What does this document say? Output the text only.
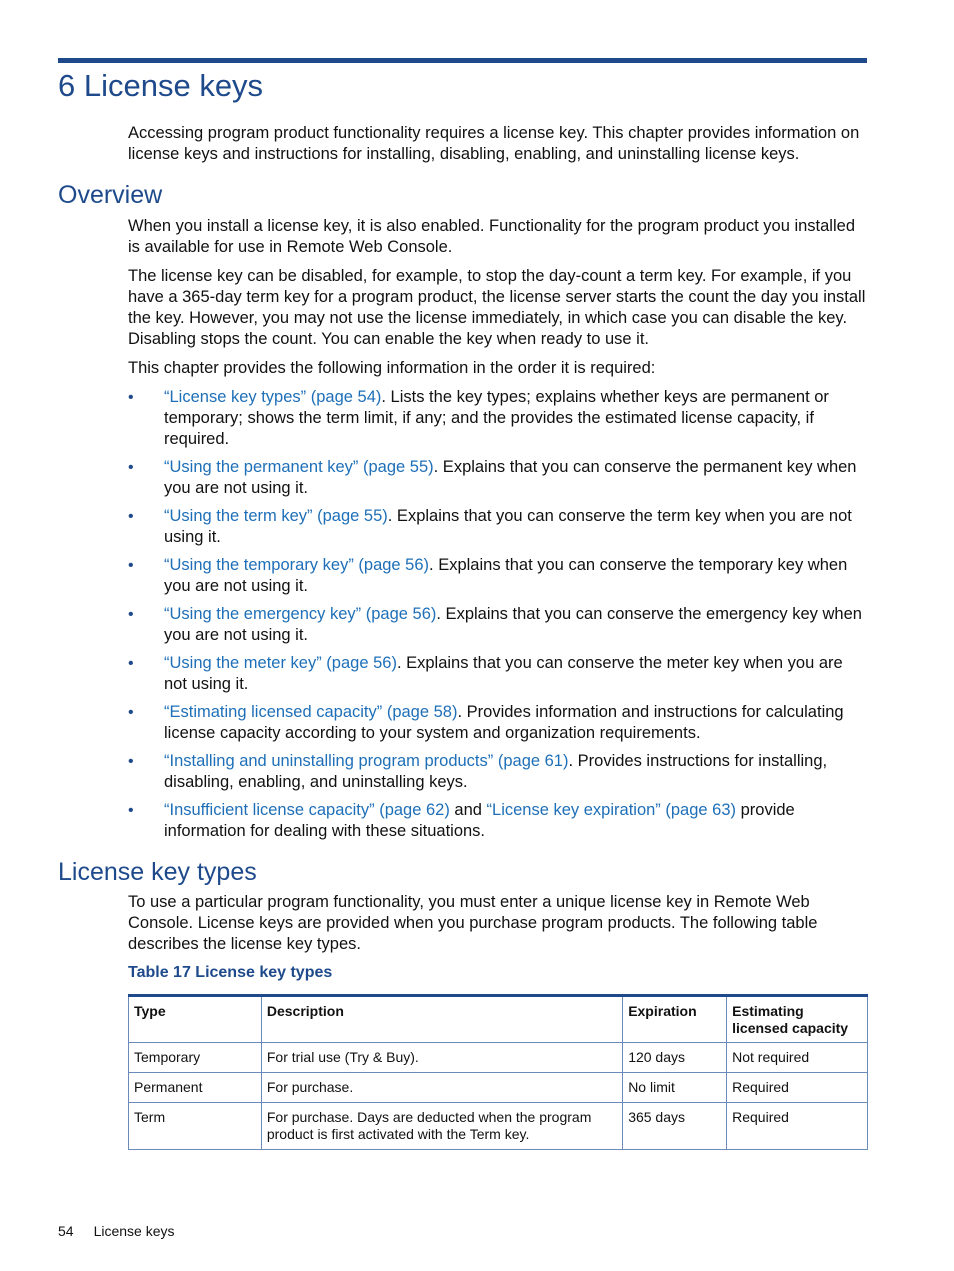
6 License keys

Accessing program product functionality requires a license key. This chapter provides information on license keys and instructions for installing, disabling, enabling, and uninstalling license keys.

Overview

When you install a license key, it is also enabled. Functionality for the program product you installed is available for use in Remote Web Console.

The license key can be disabled, for example, to stop the day-count a term key. For example, if you have a 365-day term key for a program product, the license server starts the count the day you install the key. However, you may not use the license immediately, in which case you can disable the key. Disabling stops the count. You can enable the key when ready to use it.

This chapter provides the following information in the order it is required:

• “License key types” (page 54). Lists the key types; explains whether keys are permanent or temporary; shows the term limit, if any; and the provides the estimated license capacity, if required.
• “Using the permanent key” (page 55). Explains that you can conserve the permanent key when you are not using it.
• “Using the term key” (page 55). Explains that you can conserve the term key when you are not using it.
• “Using the temporary key” (page 56). Explains that you can conserve the temporary key when you are not using it.
• “Using the emergency key” (page 56). Explains that you can conserve the emergency key when you are not using it.
• “Using the meter key” (page 56). Explains that you can conserve the meter key when you are not using it.
• “Estimating licensed capacity” (page 58). Provides information and instructions for calculating license capacity according to your system and organization requirements.
• “Installing and uninstalling program products” (page 61). Provides instructions for installing, disabling, enabling, and uninstalling keys.
• “Insufficient license capacity” (page 62) and “License key expiration” (page 63) provide information for dealing with these situations.
License key types

To use a particular program functionality, you must enter a unique license key in Remote Web Console. License keys are provided when you purchase program products. The following table describes the license key types.

Table 17 License key types

Type	Description	Expiration	Estimating licensed capacity
Temporary	For trial use (Try & Buy).	120 days	Not required
Permanent	For purchase.	No limit	Required
Term	For purchase. Days are deducted when the program product is first activated with the Term key.	365 days	Required
54 License keys
